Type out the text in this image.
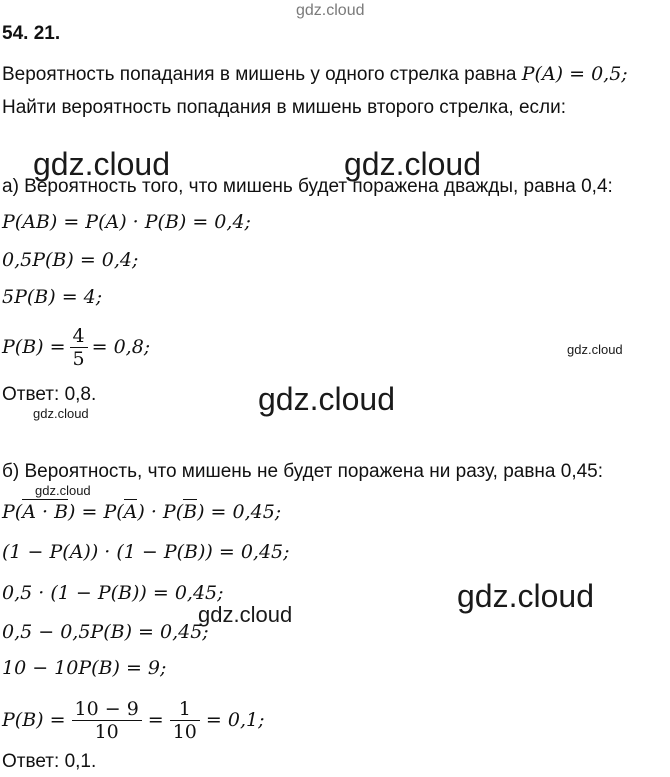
gdz.cloud
gdz.cloud	gdz.cloud
gdz.cloud
gdz.cloud
gdz.cloud
gdz.cloud
gdz.cloud
gdz.cloud
54. 21.
Вероятность попадания в мишень у одного стрелка равна P(A) = 0,5;
Найти вероятность попадания в мишень второго стрелка, если:
а) Вероятность того, что мишень будет поражена дважды, равна 0,4:
P(AB) = P(A) · P(B) = 0,4;
0,5P(B) = 0,4;
5P(B) = 4;
$P(B) = \frac{4}{5} = 0,8$;
Ответ: 0,8.
б) Вероятность, что мишень не будет поражена ни разу, равна 0,45:
P(A · B) = P(A) · P(B) = 0,45;
(1 − P(A)) · (1 − P(B)) = 0,45;
0,5 · (1 − P(B)) = 0,45;
0,5 − 0,5P(B) = 0,45;
10 − 10P(B) = 9;
$P(B) = \frac{10 - 9}{10} = \frac{1}{10} = 0,1$;
Ответ: 0,1.
